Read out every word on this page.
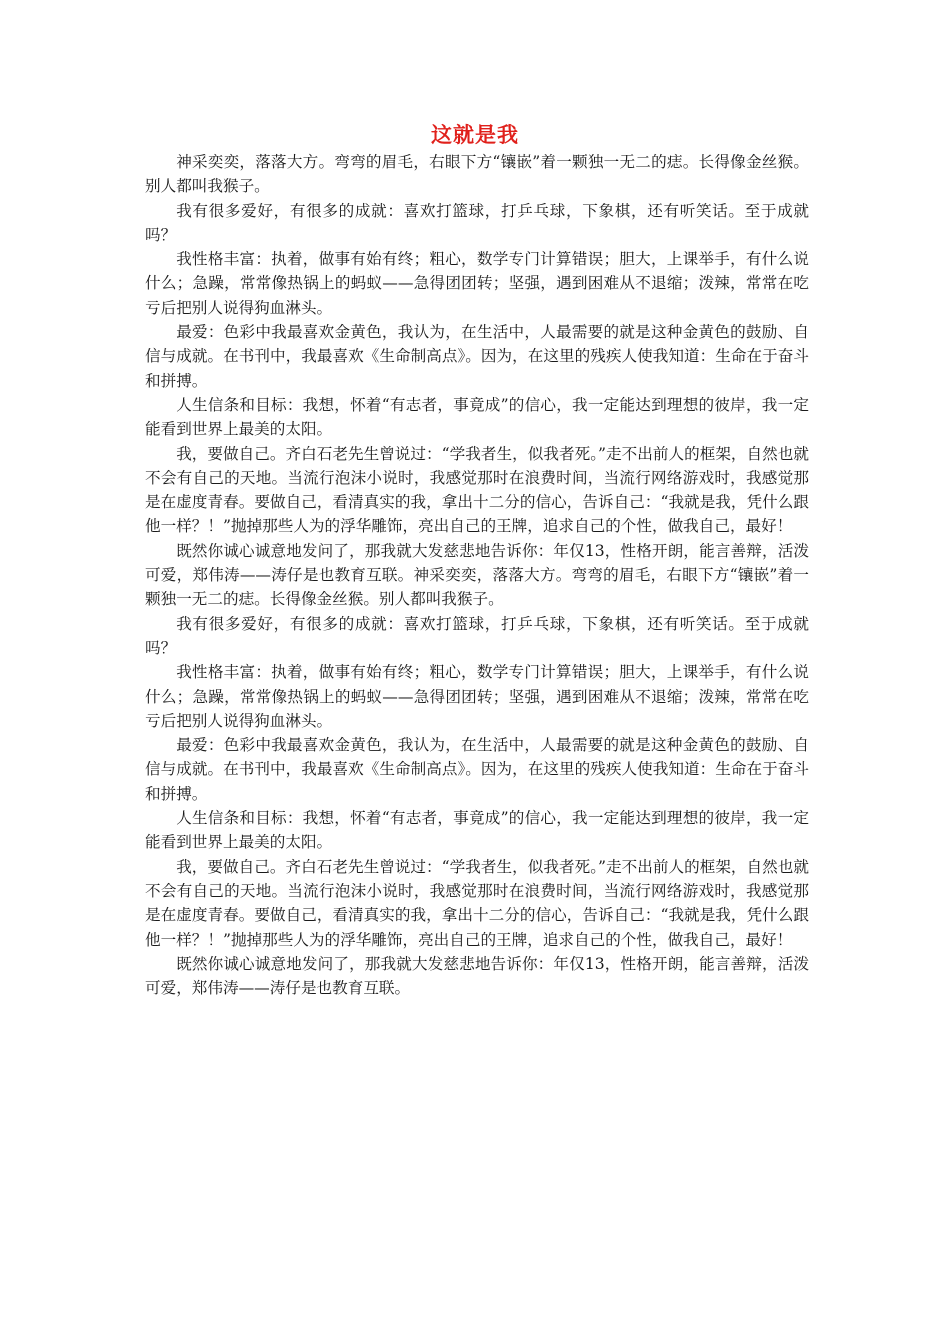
这就是我

神采奕奕，落落大方。弯弯的眉毛，右眼下方“镶嵌”着一颗独一无二的痣。长得像金丝猴。别人都叫我猴子。

我有很多爱好，有很多的成就：喜欢打篮球，打乒乓球，下象棋，还有听笑话。至于成就吗？

我性格丰富：执着，做事有始有终；粗心，数学专门计算错误；胆大，上课举手，有什么说什么；急躁，常常像热锅上的蚂蚁——急得团团转；坚强，遇到困难从不退缩；泼辣，常常在吃亏后把别人说得狗血淋头。

最爱：色彩中我最喜欢金黄色，我认为，在生活中，人最需要的就是这种金黄色的鼓励、自信与成就。在书刊中，我最喜欢《生命制高点》。因为，在这里的残疾人使我知道：生命在于奋斗和拼搏。

人生信条和目标：我想，怀着“有志者，事竟成”的信心，我一定能达到理想的彼岸，我一定能看到世界上最美的太阳。

我，要做自己。齐白石老先生曾说过：“学我者生，似我者死。”走不出前人的框架，自然也就不会有自己的天地。当流行泡沫小说时，我感觉那时在浪费时间，当流行网络游戏时，我感觉那是在虚度青春。要做自己，看清真实的我，拿出十二分的信心，告诉自己：“我就是我，凭什么跟他一样？！”抛掉那些人为的浮华雕饰，亮出自己的王牌，追求自己的个性，做我自己，最好！

既然你诚心诚意地发问了，那我就大发慈悲地告诉你：年仅13，性格开朗，能言善辩，活泼可爱，郑伟涛——涛仔是也教育互联。神采奕奕，落落大方。弯弯的眉毛，右眼下方“镶嵌”着一颗独一无二的痣。长得像金丝猴。别人都叫我猴子。

我有很多爱好，有很多的成就：喜欢打篮球，打乒乓球，下象棋，还有听笑话。至于成就吗？

我性格丰富：执着，做事有始有终；粗心，数学专门计算错误；胆大，上课举手，有什么说什么；急躁，常常像热锅上的蚂蚁——急得团团转；坚强，遇到困难从不退缩；泼辣，常常在吃亏后把别人说得狗血淋头。

最爱：色彩中我最喜欢金黄色，我认为，在生活中，人最需要的就是这种金黄色的鼓励、自信与成就。在书刊中，我最喜欢《生命制高点》。因为，在这里的残疾人使我知道：生命在于奋斗和拼搏。

人生信条和目标：我想，怀着“有志者，事竟成”的信心，我一定能达到理想的彼岸，我一定能看到世界上最美的太阳。

我，要做自己。齐白石老先生曾说过：“学我者生，似我者死。”走不出前人的框架，自然也就不会有自己的天地。当流行泡沫小说时，我感觉那时在浪费时间，当流行网络游戏时，我感觉那是在虚度青春。要做自己，看清真实的我，拿出十二分的信心，告诉自己：“我就是我，凭什么跟他一样？！”抛掉那些人为的浮华雕饰，亮出自己的王牌，追求自己的个性，做我自己，最好！

既然你诚心诚意地发问了，那我就大发慈悲地告诉你：年仅13，性格开朗，能言善辩，活泼可爱，郑伟涛——涛仔是也教育互联。
